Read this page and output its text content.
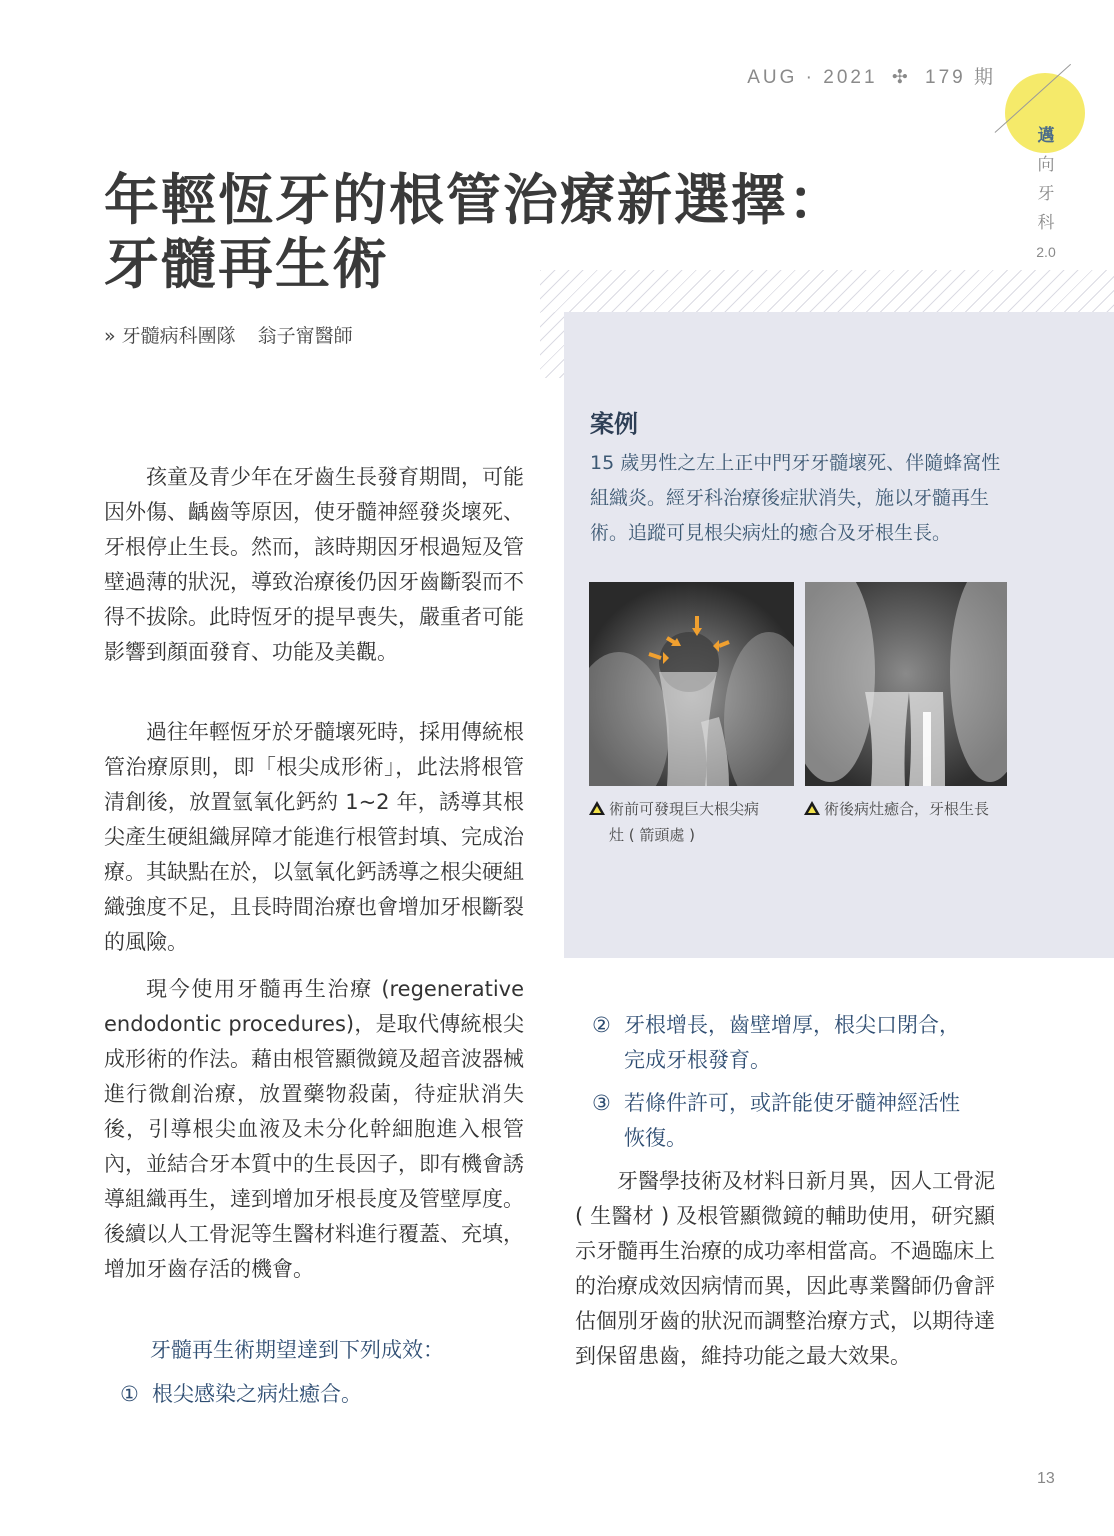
AUG · 2021 ✣ 179 期
邁
向
牙
科
2.0
年輕恆牙的根管治療新選擇：
牙髓再生術
» 牙髓病科團隊 翁子甯醫師
案例
15 歲男性之左上正中門牙牙髓壞死、伴隨蜂窩性組織炎。經牙科治療後症狀消失，施以牙髓再生術。追蹤可見根尖病灶的癒合及牙根生長。
術前可發現巨大根尖病
灶 ( 箭頭處 )
術後病灶癒合，牙根生長
孩童及青少年在牙齒生長發育期間，可能因外傷、齲齒等原因，使牙髓神經發炎壞死、牙根停止生長。然而，該時期因牙根過短及管壁過薄的狀況，導致治療後仍因牙齒斷裂而不得不拔除。此時恆牙的提早喪失，嚴重者可能影響到顏面發育、功能及美觀。
過往年輕恆牙於牙髓壞死時，採用傳統根管治療原則，即「根尖成形術」，此法將根管清創後，放置氫氧化鈣約 1~2 年，誘導其根尖產生硬組織屏障才能進行根管封填、完成治療。其缺點在於，以氫氧化鈣誘導之根尖硬組織強度不足，且長時間治療也會增加牙根斷裂的風險。
現今使用牙髓再生治療 (regenerative endodontic procedures)，是取代傳統根尖成形術的作法。藉由根管顯微鏡及超音波器械進行微創治療，放置藥物殺菌，待症狀消失後，引導根尖血液及未分化幹細胞進入根管內，並結合牙本質中的生長因子，即有機會誘導組織再生，達到增加牙根長度及管壁厚度。後續以人工骨泥等生醫材料進行覆蓋、充填，增加牙齒存活的機會。
牙髓再生術期望達到下列成效：
① 根尖感染之病灶癒合。
② 牙根增長，齒壁增厚，根尖口閉合，
完成牙根發育。
③ 若條件許可，或許能使牙髓神經活性
恢復。
牙醫學技術及材料日新月異，因人工骨泥 ( 生醫材 ) 及根管顯微鏡的輔助使用，研究顯示牙髓再生治療的成功率相當高。不過臨床上的治療成效因病情而異，因此專業醫師仍會評估個別牙齒的狀況而調整治療方式，以期待達到保留患齒，維持功能之最大效果。
13
